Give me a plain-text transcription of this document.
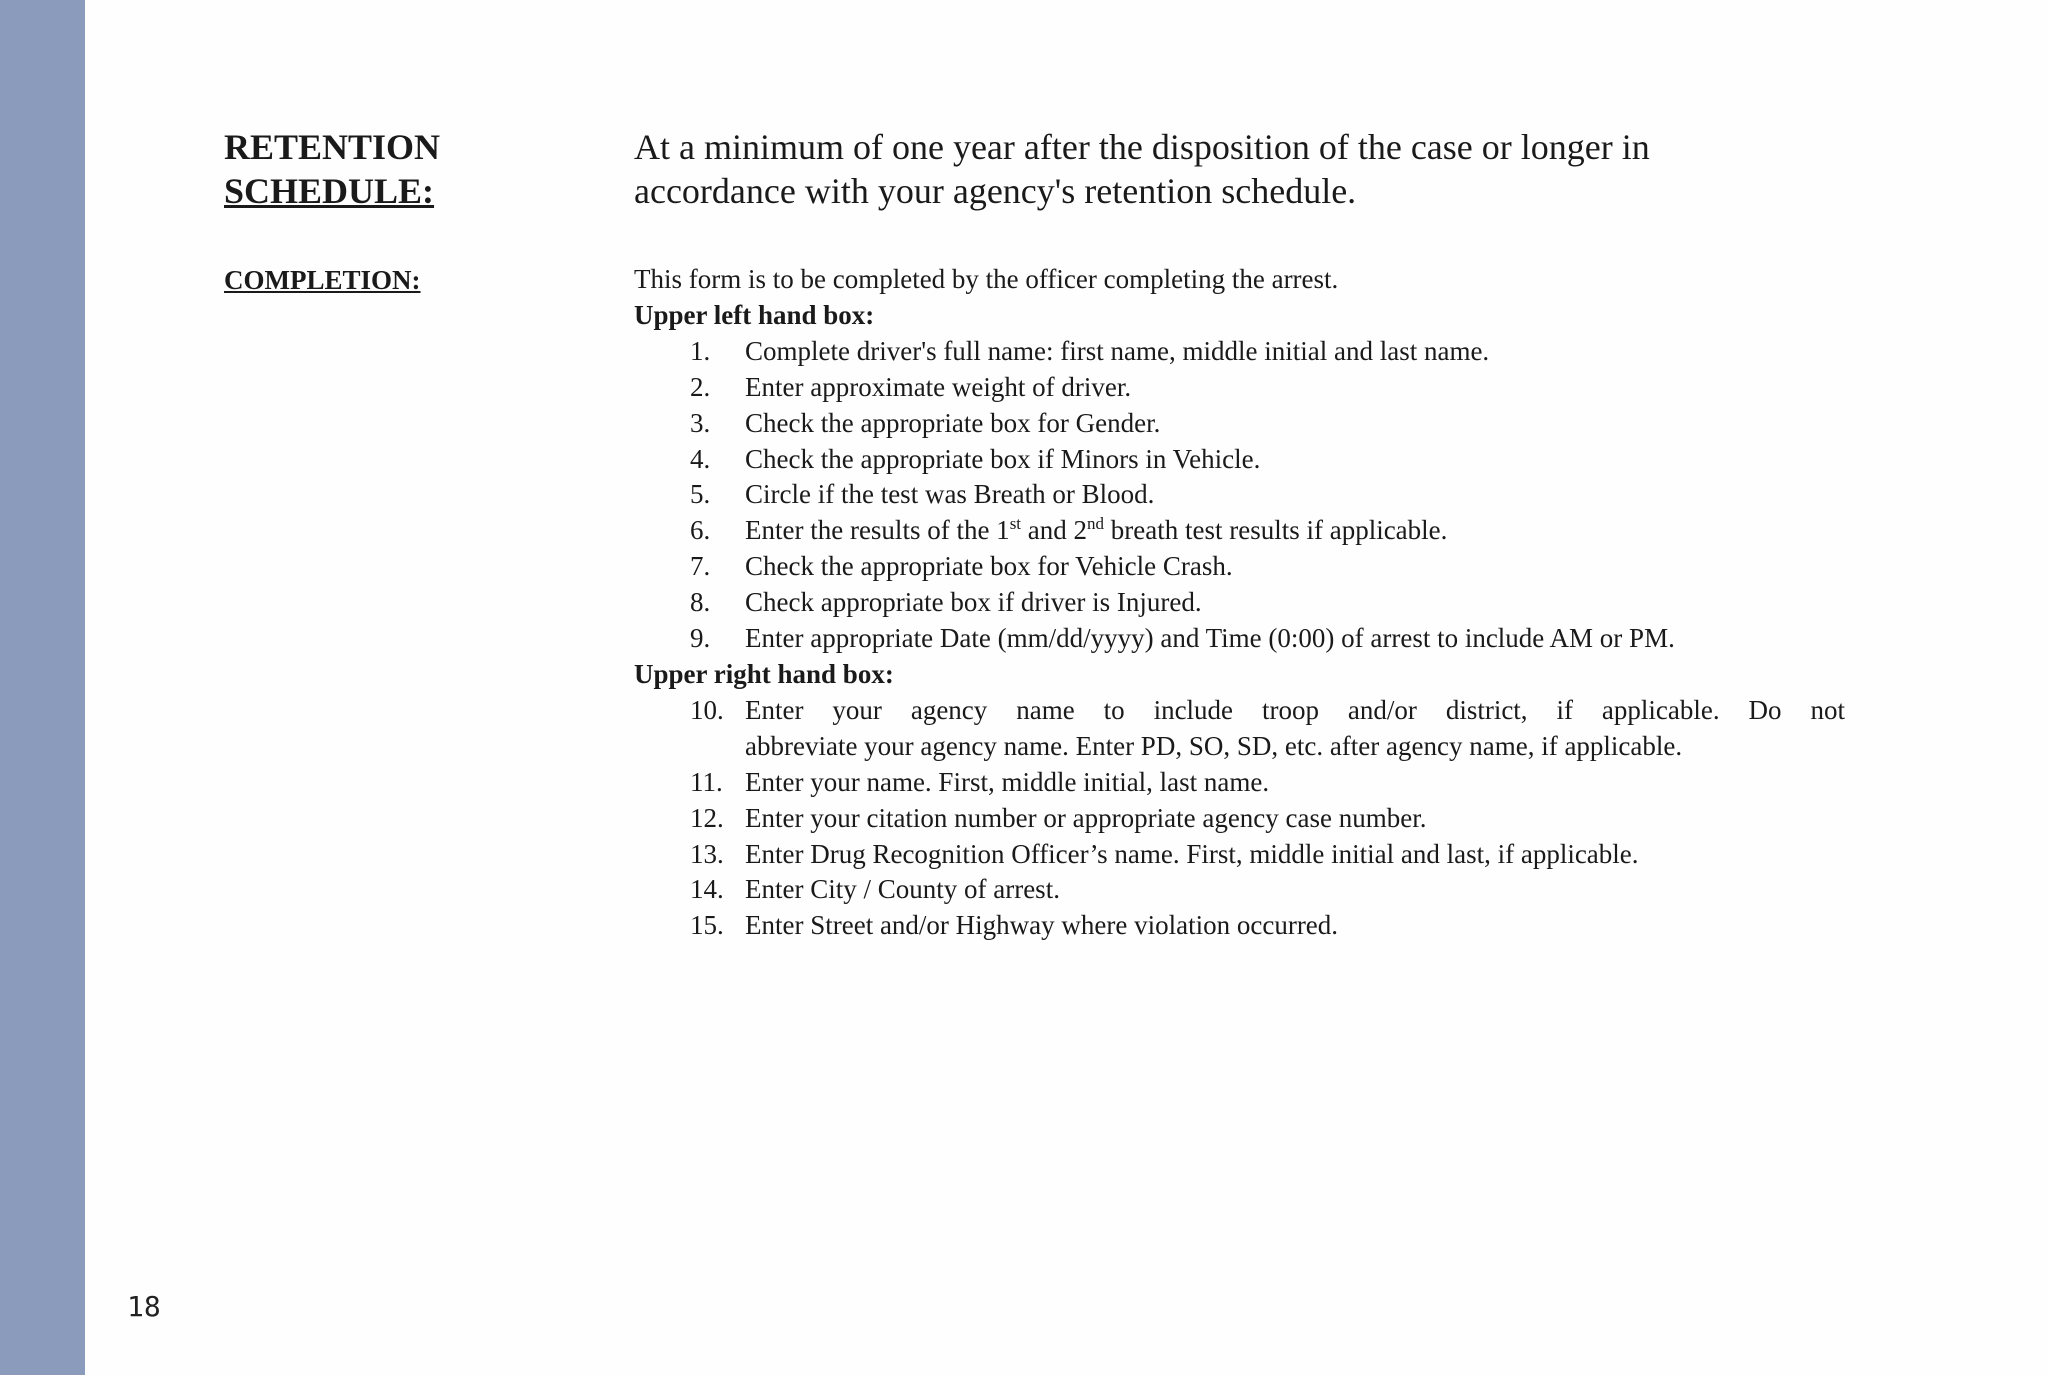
RETENTION
SCHEDULE:
At a minimum of one year after the disposition of the case or longer in
accordance with your agency's retention schedule.
COMPLETION:	This form is to be completed by the officer completing the arrest.
Upper left hand box:
1.	Complete driver's full name: first name, middle initial and last name.
2.	Enter approximate weight of driver.
3.	Check the appropriate box for Gender.
4.	Check the appropriate box if Minors in Vehicle.
5.	Circle if the test was Breath or Blood.
6.	Enter the results of the 1st and 2nd breath test results if applicable.
7.	Check the appropriate box for Vehicle Crash.
8.	Check appropriate box if driver is Injured.
9.	Enter appropriate Date (mm/dd/yyyy) and Time (0:00) of arrest to include AM or PM.
Upper right hand box:
10. Enter your agency name to include troop and/or district, if applicable. Do not
abbreviate your agency name. Enter PD, SO, SD, etc. after agency name, if applicable.
11. Enter your name. First, middle initial, last name.
12. Enter your citation number or appropriate agency case number.
13. Enter Drug Recognition Officer’s name. First, middle initial and last, if applicable.
14. Enter City / County of arrest.
15. Enter Street and/or Highway where violation occurred.
18
